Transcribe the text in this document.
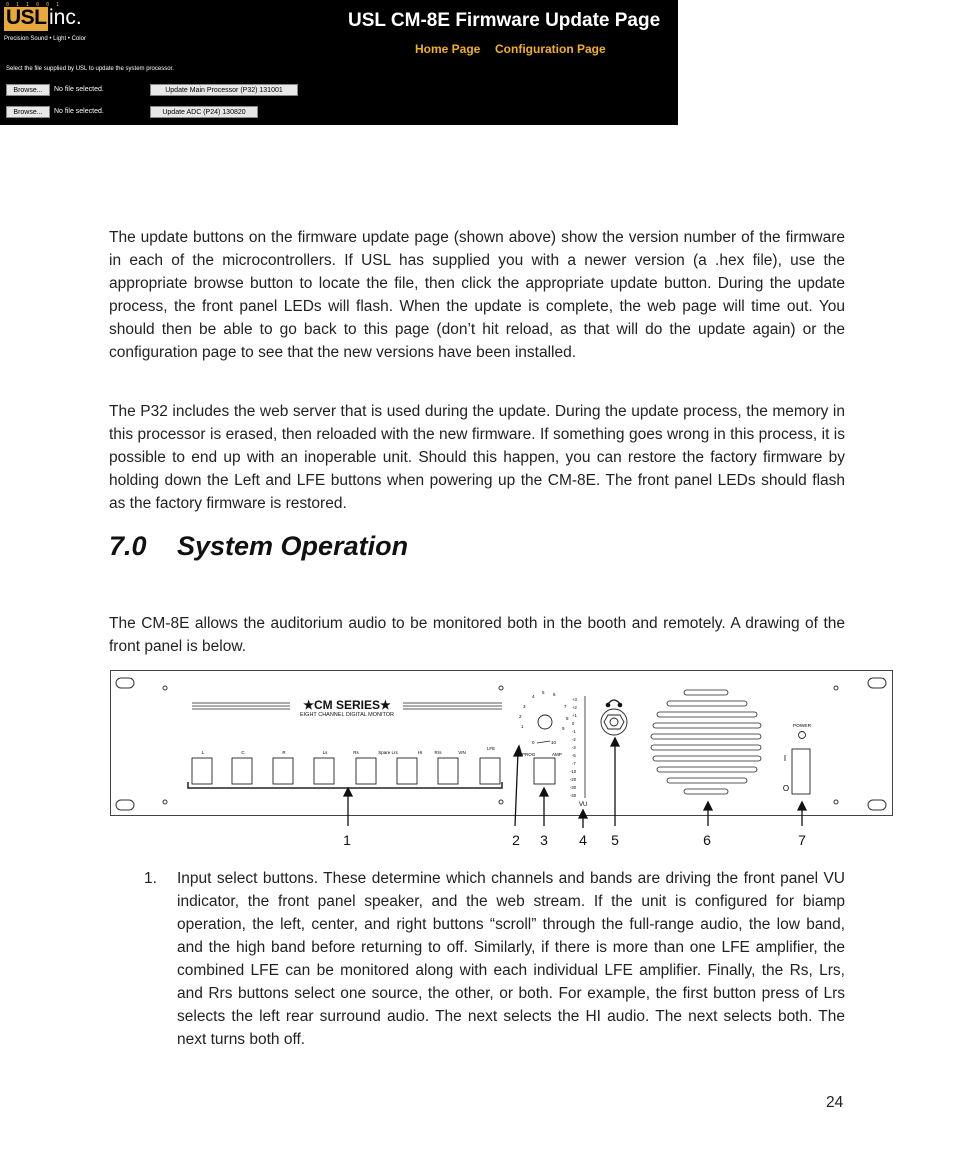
0 1 1 0 0 1
USL inc.
Precision Sound • Light • Color
USL CM-8E Firmware Update Page
Home Page Configuration Page
Select the file supplied by USL to update the system processor.
Browse...	No file selected.	Update Main Processor (P32) 131001
Browse...	No file selected.	Update ADC (P24) 130820

The update buttons on the firmware update page (shown above) show the version number of the firmware in each of the microcontrollers. If USL has supplied you with a newer version (a .hex file), use the appropriate browse button to locate the file, then click the appropriate update button. During the update process, the front panel LEDs will flash. When the update is complete, the web page will time out. You should then be able to go back to this page (don’t hit reload, as that will do the update again) or the configuration page to see that the new versions have been installed.

The P32 includes the web server that is used during the update. During the update process, the memory in this processor is erased, then reloaded with the new firmware. If something goes wrong in this process, it is possible to end up with an inoperable unit. Should this happen, you can restore the factory firmware by holding down the Left and LFE buttons when powering up the CM-8E. The front panel LEDs should flash as the factory firmware is restored.

7.0 System Operation

The CM-8E allows the auditorium audio to be monitored both in the booth and remotely. A drawing of the front panel is below.

★CM SERIES★
EIGHT CHANNEL DIGITAL MONITOR
L	C	R	Ls	Rs	Spare Lrs	HI	Rrs	VIN
LFE
4
5 6
3	7
2	8
1	9
0	10
PROG	AMP
+3
+2
+1
0
-1
-2
-3
-5
-7
-10
-20
-30
-40
VU
POWER
I
O
1	2 3 4 5	6	7
1. Input select buttons. These determine which channels and bands are driving the front panel VU indicator, the front panel speaker, and the web stream. If the unit is configured for biamp operation, the left, center, and right buttons “scroll” through the full-range audio, the low band, and the high band before returning to off. Similarly, if there is more than one LFE amplifier, the combined LFE can be monitored along with each individual LFE amplifier. Finally, the Rs, Lrs, and Rrs buttons select one source, the other, or both. For example, the first button press of Lrs selects the left rear surround audio. The next selects the HI audio. The next selects both. The next turns both off.

24
